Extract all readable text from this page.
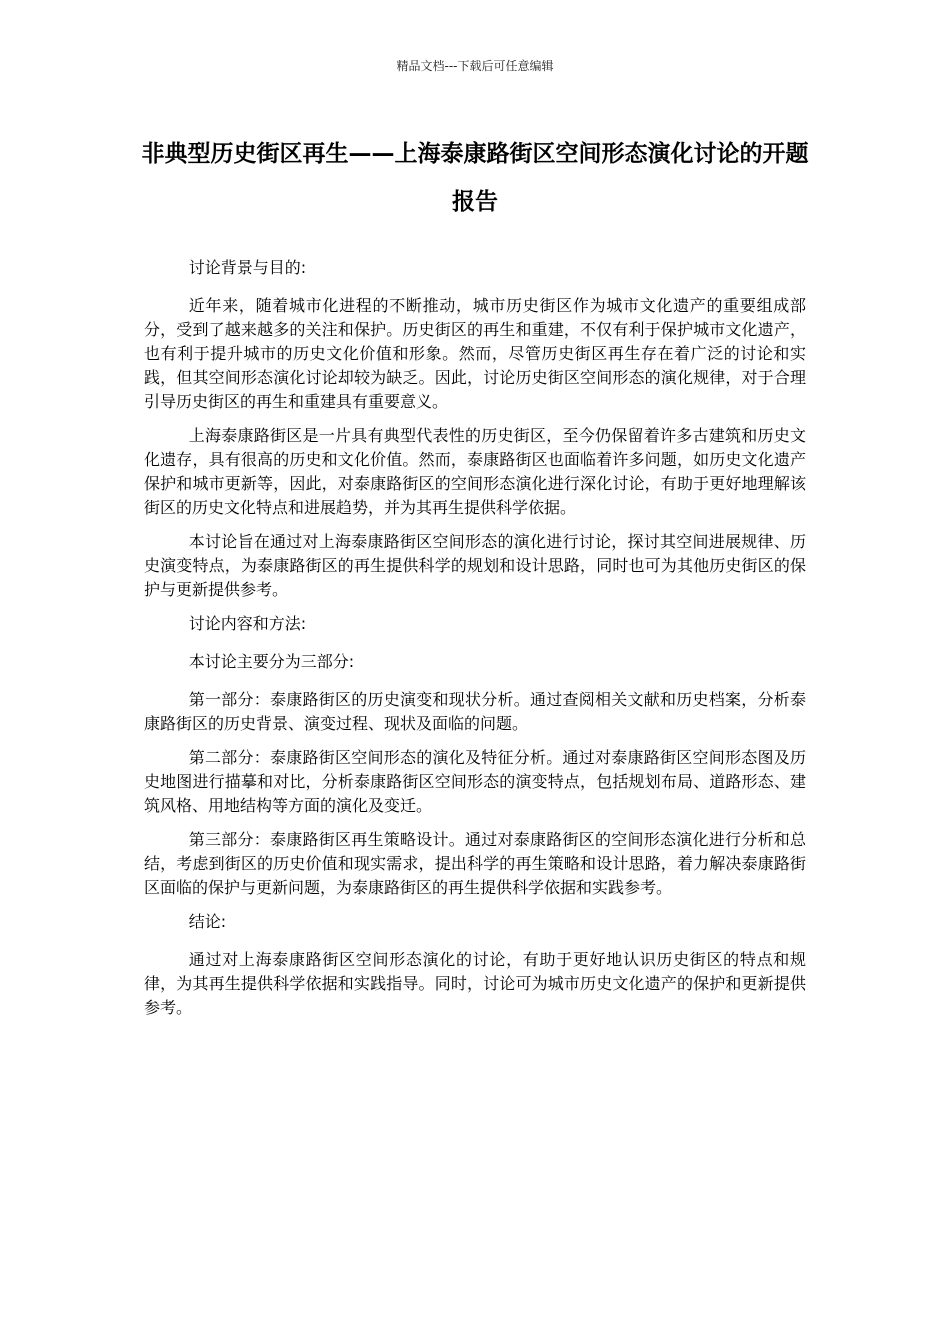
精品文档---下载后可任意编辑
非典型历史街区再生——上海泰康路街区空间形态演化讨论的开题报告

讨论背景与目的:

近年来，随着城市化进程的不断推动，城市历史街区作为城市文化遗产的重要组成部分，受到了越来越多的关注和保护。历史街区的再生和重建，不仅有利于保护城市文化遗产，也有利于提升城市的历史文化价值和形象。然而，尽管历史街区再生存在着广泛的讨论和实践，但其空间形态演化讨论却较为缺乏。因此，讨论历史街区空间形态的演化规律，对于合理引导历史街区的再生和重建具有重要意义。

上海泰康路街区是一片具有典型代表性的历史街区，至今仍保留着许多古建筑和历史文化遗存，具有很高的历史和文化价值。然而，泰康路街区也面临着许多问题，如历史文化遗产保护和城市更新等，因此，对泰康路街区的空间形态演化进行深化讨论，有助于更好地理解该街区的历史文化特点和进展趋势，并为其再生提供科学依据。

本讨论旨在通过对上海泰康路街区空间形态的演化进行讨论，探讨其空间进展规律、历史演变特点，为泰康路街区的再生提供科学的规划和设计思路，同时也可为其他历史街区的保护与更新提供参考。

讨论内容和方法:

本讨论主要分为三部分:

第一部分：泰康路街区的历史演变和现状分析。通过查阅相关文献和历史档案，分析泰康路街区的历史背景、演变过程、现状及面临的问题。

第二部分：泰康路街区空间形态的演化及特征分析。通过对泰康路街区空间形态图及历史地图进行描摹和对比，分析泰康路街区空间形态的演变特点，包括规划布局、道路形态、建筑风格、用地结构等方面的演化及变迁。

第三部分：泰康路街区再生策略设计。通过对泰康路街区的空间形态演化进行分析和总结，考虑到街区的历史价值和现实需求，提出科学的再生策略和设计思路，着力解决泰康路街区面临的保护与更新问题，为泰康路街区的再生提供科学依据和实践参考。

结论:

通过对上海泰康路街区空间形态演化的讨论，有助于更好地认识历史街区的特点和规律，为其再生提供科学依据和实践指导。同时，讨论可为城市历史文化遗产的保护和更新提供参考。
